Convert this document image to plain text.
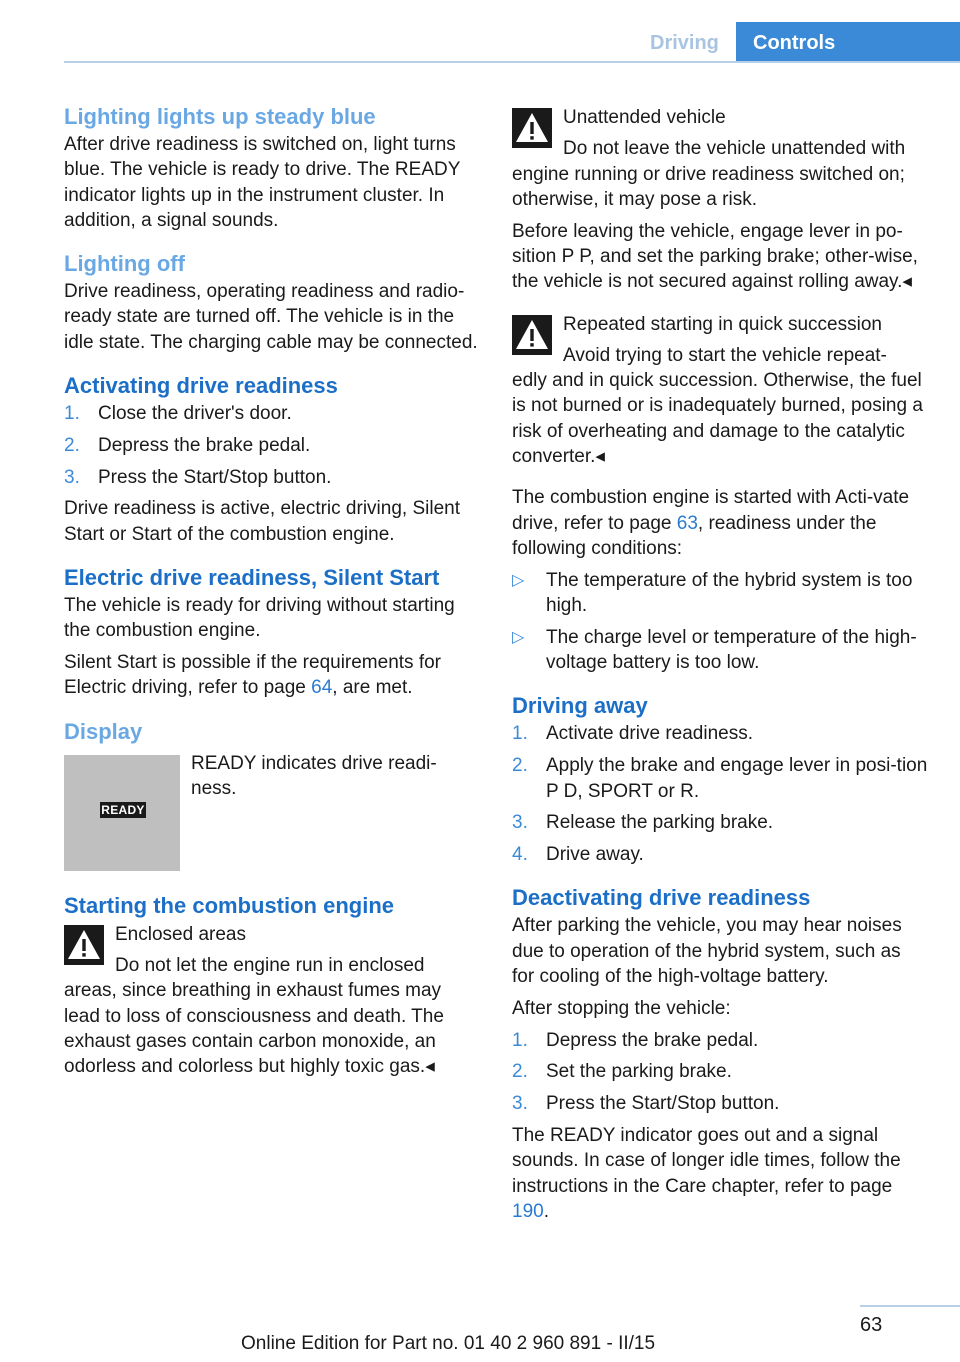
Driving	Controls
Lighting lights up steady blue

After drive readiness is switched on, light turns blue. The vehicle is ready to drive. The READY indicator lights up in the instrument cluster. In addition, a signal sounds.

Lighting off

Drive readiness, operating readiness and radio-ready state are turned off. The vehicle is in the idle state. The charging cable may be connected.

Activating drive readiness
1. Close the driver's door.
2. Depress the brake pedal.
3. Press the Start/Stop button.

Drive readiness is active, electric driving, Silent Start or Start of the combustion engine.

Electric drive readiness, Silent Start

The vehicle is ready for driving without starting the combustion engine.

Silent Start is possible if the requirements for Electric driving, refer to page 64, are met.

Display
READY
READY indicates drive readi-ness.
Starting the combustion engine

Enclosed areas

Do not let the engine run in enclosed

areas, since breathing in exhaust fumes may lead to loss of consciousness and death. The exhaust gases contain carbon monoxide, an odorless and colorless but highly toxic gas.◂

Unattended vehicle

Do not leave the vehicle unattended with

engine running or drive readiness switched on; otherwise, it may pose a risk.

Before leaving the vehicle, engage lever in po-sition P P, and set the parking brake; other-wise, the vehicle is not secured against rolling away.◂

Repeated starting in quick succession

Avoid trying to start the vehicle repeat-

edly and in quick succession. Otherwise, the fuel is not burned or is inadequately burned, posing a risk of overheating and damage to the catalytic converter.◂

The combustion engine is started with Acti-vate drive, refer to page 63, readiness under the following conditions:

▷ The temperature of the hybrid system is too high.
▷ The charge level or temperature of the high-voltage battery is too low.
Driving away
1. Activate drive readiness.
2. Apply the brake and engage lever in posi-tion P D, SPORT or R.
3. Release the parking brake.
4. Drive away.
Deactivating drive readiness

After parking the vehicle, you may hear noises due to operation of the hybrid system, such as for cooling of the high-voltage battery.

After stopping the vehicle:

1. Depress the brake pedal.
2. Set the parking brake.
3. Press the Start/Stop button.

The READY indicator goes out and a signal sounds. In case of longer idle times, follow the instructions in the Care chapter, refer to page 190.

63
Online Edition for Part no. 01 40 2 960 891 - II/15
